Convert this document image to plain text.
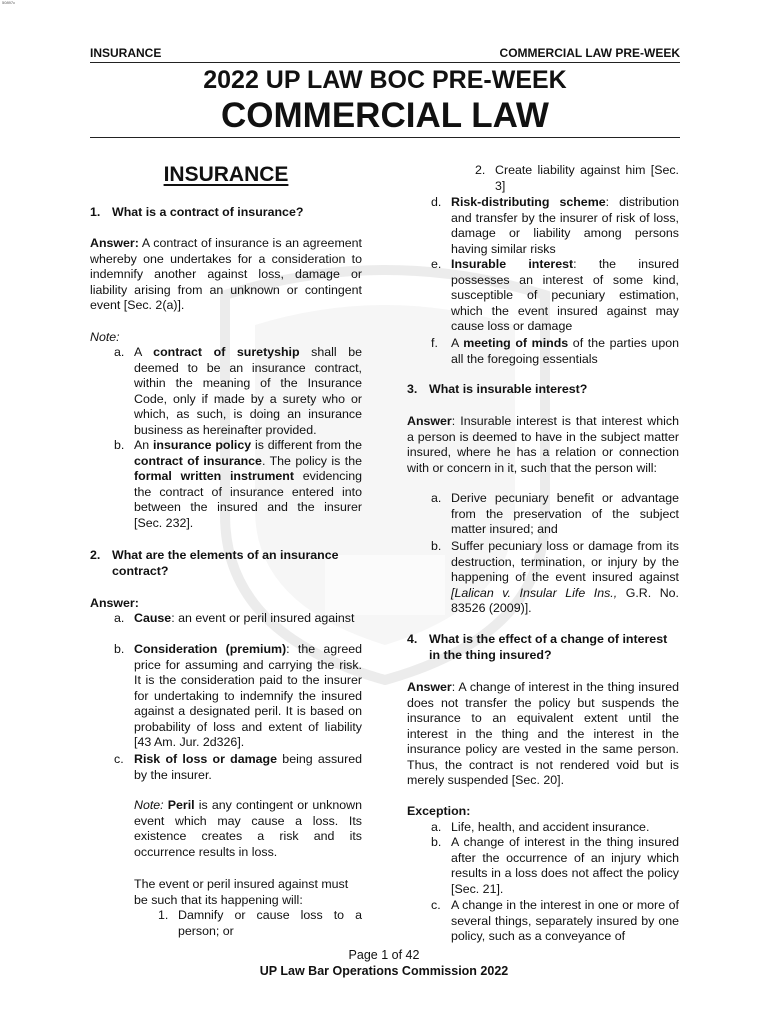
50897c
INSURANCE	COMMERCIAL LAW PRE-WEEK
2022 UP LAW BOC PRE-WEEK
COMMERCIAL LAW
INSURANCE
1. What is a contract of insurance?
Answer: A contract of insurance is an agreement whereby one undertakes for a consideration to indemnify another against loss, damage or liability arising from an unknown or contingent event [Sec. 2(a)].
Note:
a. A contract of suretyship shall be deemed to be an insurance contract, within the meaning of the Insurance Code, only if made by a surety who or which, as such, is doing an insurance business as hereinafter provided.
b. An insurance policy is different from the contract of insurance. The policy is the formal written instrument evidencing the contract of insurance entered into between the insured and the insurer [Sec. 232].
2. What are the elements of an insurance contract?
Answer:
a. Cause: an event or peril insured against
b. Consideration (premium): the agreed price for assuming and carrying the risk. It is the consideration paid to the insurer for undertaking to indemnify the insured against a designated peril. It is based on probability of loss and extent of liability [43 Am. Jur. 2d326].
c. Risk of loss or damage being assured by the insurer.
Note: Peril is any contingent or unknown event which may cause a loss. Its existence creates a risk and its occurrence results in loss.
The event or peril insured against must be such that its happening will:
1. Damnify or cause loss to a person; or
2. Create liability against him [Sec. 3]
d. Risk-distributing scheme: distribution and transfer by the insurer of risk of loss, damage or liability among persons having similar risks
e. Insurable interest: the insured possesses an interest of some kind, susceptible of pecuniary estimation, which the event insured against may cause loss or damage
f.	A meeting of minds of the parties upon all the foregoing essentials
3. What is insurable interest?
Answer: Insurable interest is that interest which a person is deemed to have in the subject matter insured, where he has a relation or connection with or concern in it, such that the person will:
a. Derive pecuniary benefit or advantage from the preservation of the subject matter insured; and
b. Suffer pecuniary loss or damage from its destruction, termination, or injury by the happening of the event insured against [Lalican v. Insular Life Ins., G.R. No. 83526 (2009)].
4. What is the effect of a change of interest in the thing insured?
Answer: A change of interest in the thing insured does not transfer the policy but suspends the insurance to an equivalent extent until the interest in the thing and the interest in the insurance policy are vested in the same person. Thus, the contract is not rendered void but is merely suspended [Sec. 20].
Exception:
a. Life, health, and accident insurance.
b. A change of interest in the thing insured after the occurrence of an injury which results in a loss does not affect the policy [Sec. 21].
c. A change in the interest in one or more of several things, separately insured by one policy, such as a conveyance of
Page 1 of 42
UP Law Bar Operations Commission 2022
